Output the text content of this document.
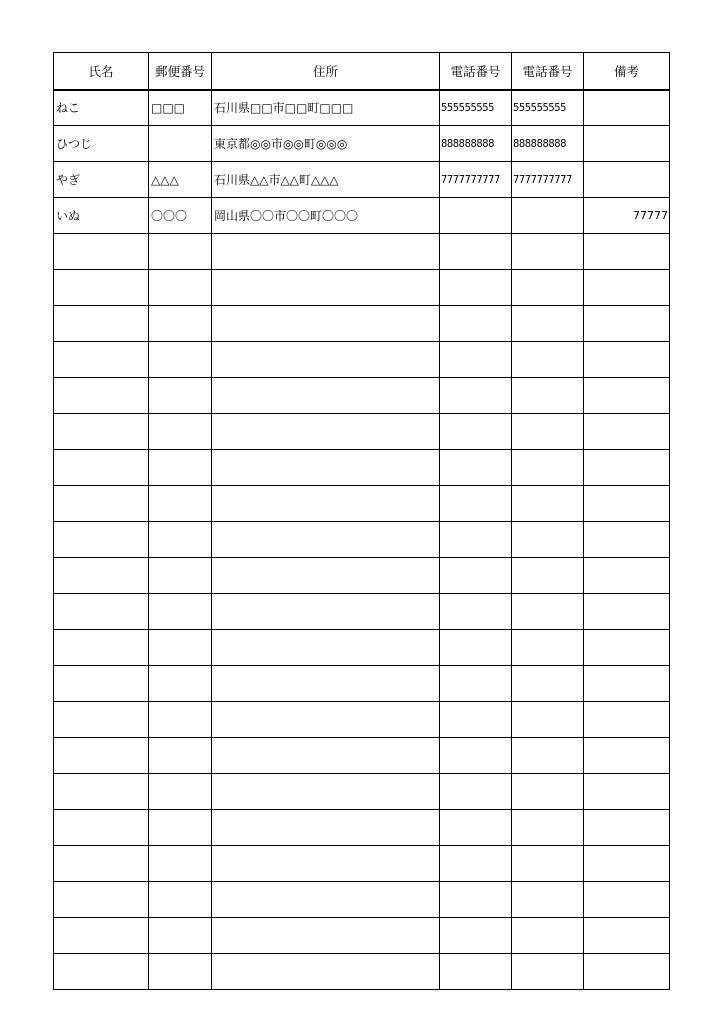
氏名	郵便番号	住所	電話番号	電話番号	備考
ねこ	□□□	石川県□□市□□町□□□	555555555	555555555	
ひつじ		東京都◎◎市◎◎町◎◎◎	888888888	888888888	
やぎ	△△△	石川県△△市△△町△△△	7777777777	7777777777	
いぬ	〇〇〇	岡山県〇〇市〇〇町〇〇〇			77777
